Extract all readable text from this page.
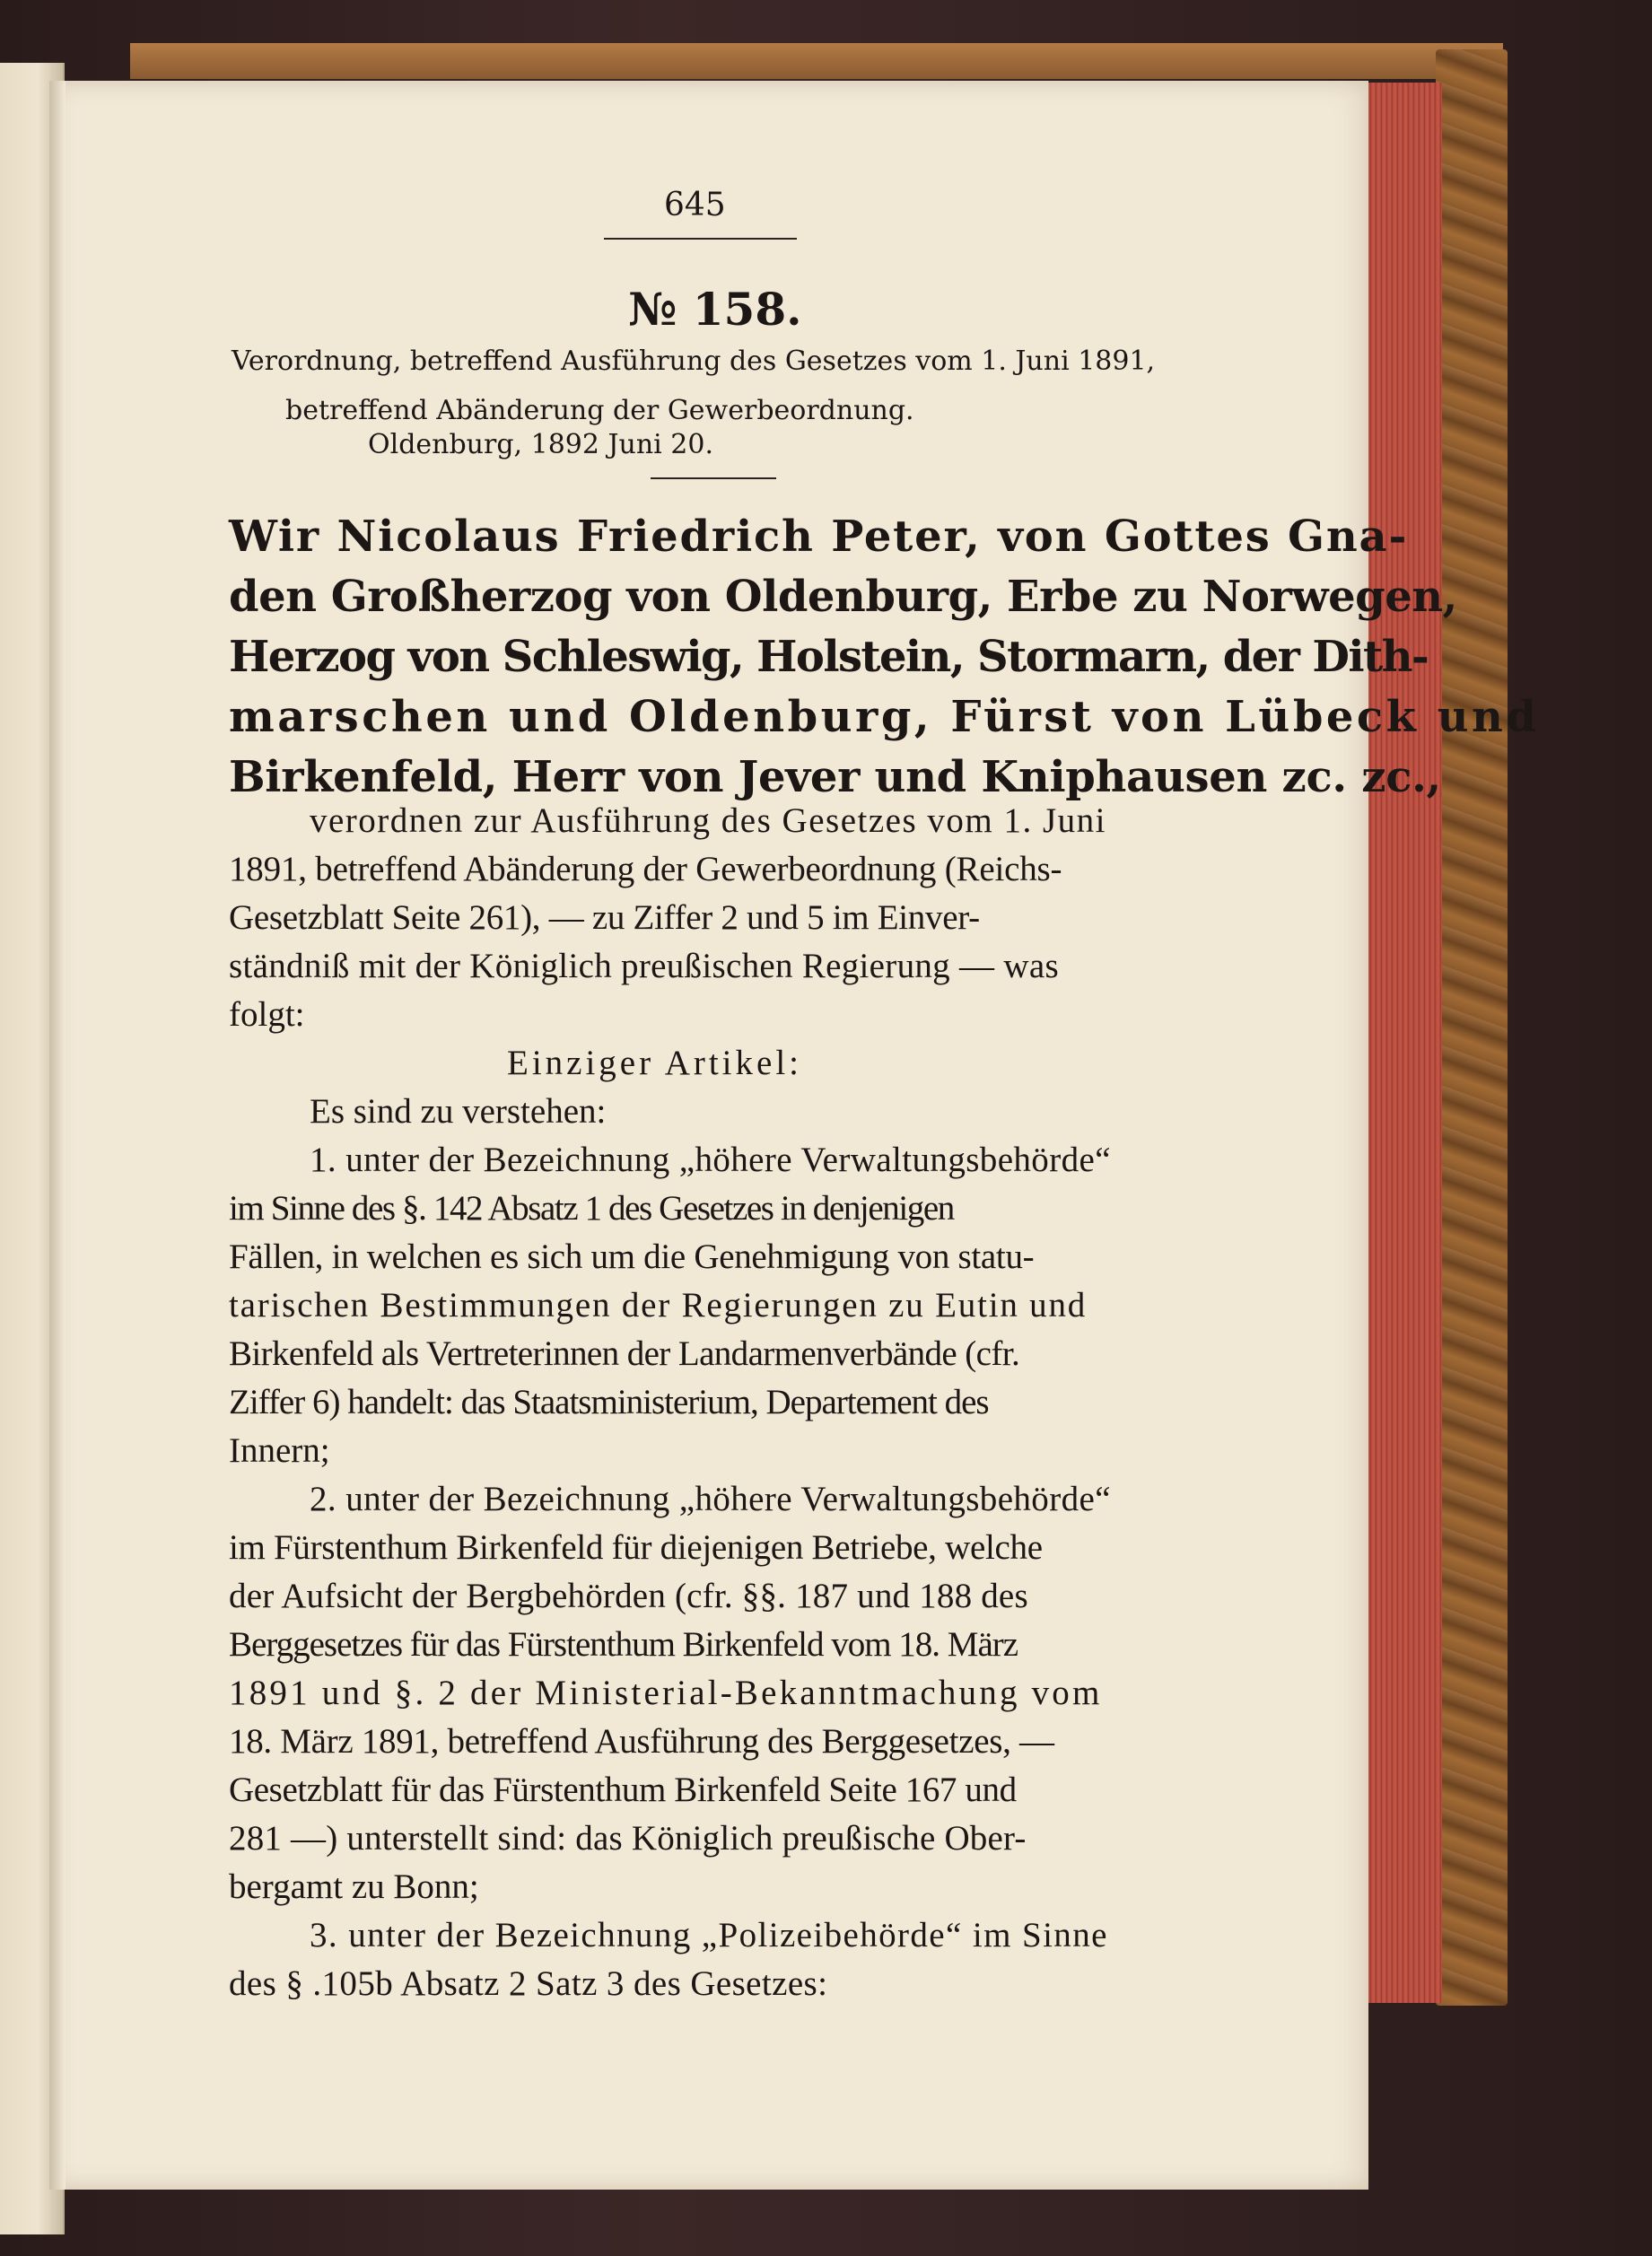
645
№ 158.
Verordnung, betreffend Ausführung des Gesetzes vom 1. Juni 1891,
betreffend Abänderung der Gewerbeordnung.
Oldenburg, 1892 Juni 20.
Wir Nicolaus Friedrich Peter, von Gottes Gna-
den Großherzog von Oldenburg, Erbe zu Norwegen,
Herzog von Schleswig, Holstein, Stormarn, der Dith-
marschen und Oldenburg, Fürst von Lübeck und
Birkenfeld, Herr von Jever und Kniphausen zc. zc.,
verordnen zur Ausführung des Gesetzes vom 1. Juni
1891, betreffend Abänderung der Gewerbeordnung (Reichs-
Gesetzblatt Seite 261), — zu Ziffer 2 und 5 im Einver-
ständniß mit der Königlich preußischen Regierung — was
folgt:
Einziger Artikel:
Es sind zu verstehen:
1. unter der Bezeichnung „höhere Verwaltungsbehörde“
im Sinne des §. 142 Absatz 1 des Gesetzes in denjenigen
Fällen, in welchen es sich um die Genehmigung von statu-
tarischen Bestimmungen der Regierungen zu Eutin und
Birkenfeld als Vertreterinnen der Landarmenverbände (cfr.
Ziffer 6) handelt: das Staatsministerium, Departement des
Innern;
2. unter der Bezeichnung „höhere Verwaltungsbehörde“
im Fürstenthum Birkenfeld für diejenigen Betriebe, welche
der Aufsicht der Bergbehörden (cfr. §§. 187 und 188 des
Berggesetzes für das Fürstenthum Birkenfeld vom 18. März
1891 und §. 2 der Ministerial-Bekanntmachung vom
18. März 1891, betreffend Ausführung des Berggesetzes, —
Gesetzblatt für das Fürstenthum Birkenfeld Seite 167 und
281 —) unterstellt sind: das Königlich preußische Ober-
bergamt zu Bonn;
3. unter der Bezeichnung „Polizeibehörde“ im Sinne
des § .105b Absatz 2 Satz 3 des Gesetzes:
